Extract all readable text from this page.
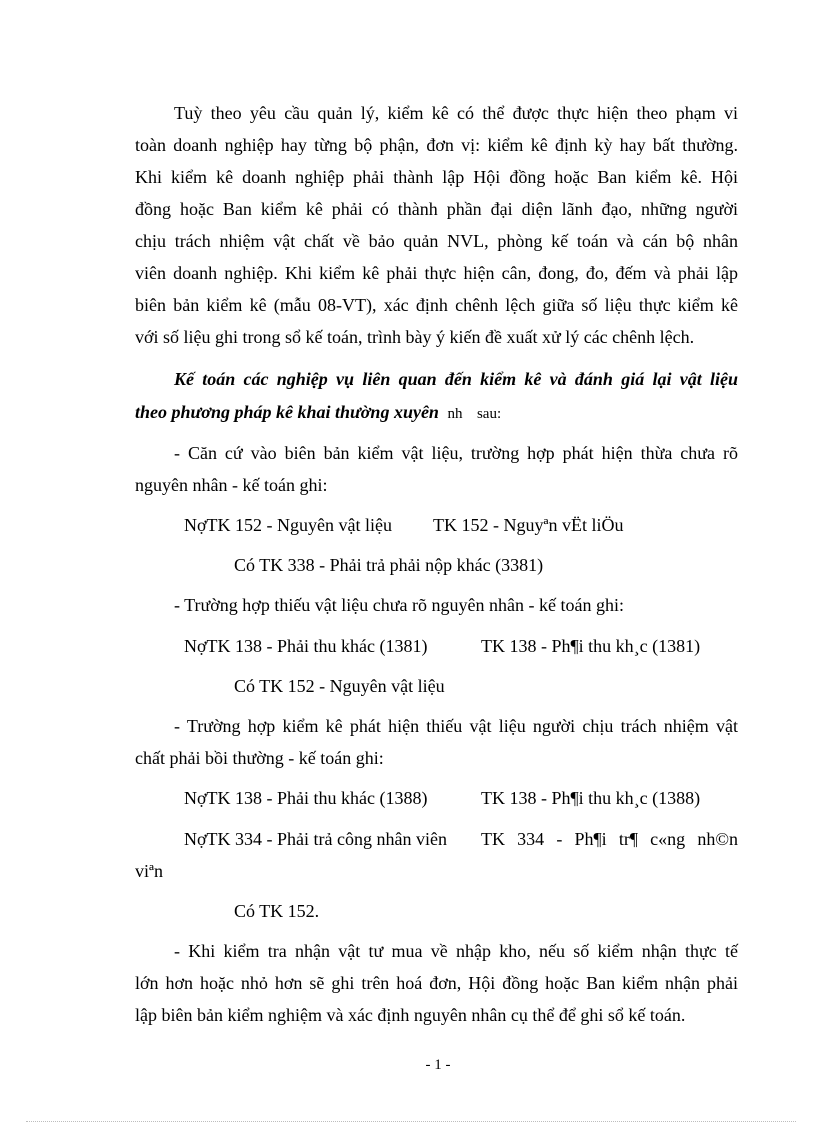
Tuỳ theo yêu cầu quản lý, kiểm kê có thể được thực hiện theo phạm vi
toàn doanh nghiệp hay từng bộ phận, đơn vị: kiểm kê định kỳ hay bất thường.
Khi kiểm kê doanh nghiệp phải thành lập Hội đồng hoặc Ban kiểm kê. Hội
đồng hoặc Ban kiểm kê phải có thành phần đại diện lãnh đạo, những người
chịu trách nhiệm vật chất về bảo quản NVL, phòng kế toán và cán bộ nhân
viên doanh nghiệp. Khi kiểm kê phải thực hiện cân, đong, đo, đếm và phải lập
biên bản kiểm kê (mẫu 08-VT), xác định chênh lệch giữa số liệu thực kiểm kê
với số liệu ghi trong sổ kế toán, trình bày ý kiến đề xuất xử lý các chênh lệch.
Kế toán các nghiệp vụ liên quan đến kiểm kê và đánh giá lại vật liệu
theo phương pháp kê khai thường xuyên nh sau:
- Căn cứ vào biên bản kiểm vật liệu, trường hợp phát hiện thừa chưa rõ
nguyên nhân - kế toán ghi:
NợTK 152 - Nguyên vật liệu TK 152 - Nguyªn vËt liÖu
Có TK 338 - Phải trả phải nộp khác (3381)
- Trường hợp thiếu vật liệu chưa rõ nguyên nhân - kế toán ghi:
NợTK 138 - Phải thu khác (1381)	TK 138 - Ph¶i thu kh¸c (1381)
Có TK 152 - Nguyên vật liệu
- Trường hợp kiểm kê phát hiện thiếu vật liệu người chịu trách nhiệm vật
chất phải bồi thường - kế toán ghi:
NợTK 138 - Phải thu khác (1388)	TK 138 - Ph¶i thu kh¸c (1388)
NợTK 334 - Phải trả công nhân viên TK 334 - Ph¶i tr¶ c«ng nh©n
viªn
Có TK 152.
- Khi kiểm tra nhận vật tư mua về nhập kho, nếu số kiểm nhận thực tế
lớn hơn hoặc nhỏ hơn sẽ ghi trên hoá đơn, Hội đồng hoặc Ban kiểm nhận phải
lập biên bản kiểm nghiệm và xác định nguyên nhân cụ thể để ghi sổ kế toán.
- 1 -
